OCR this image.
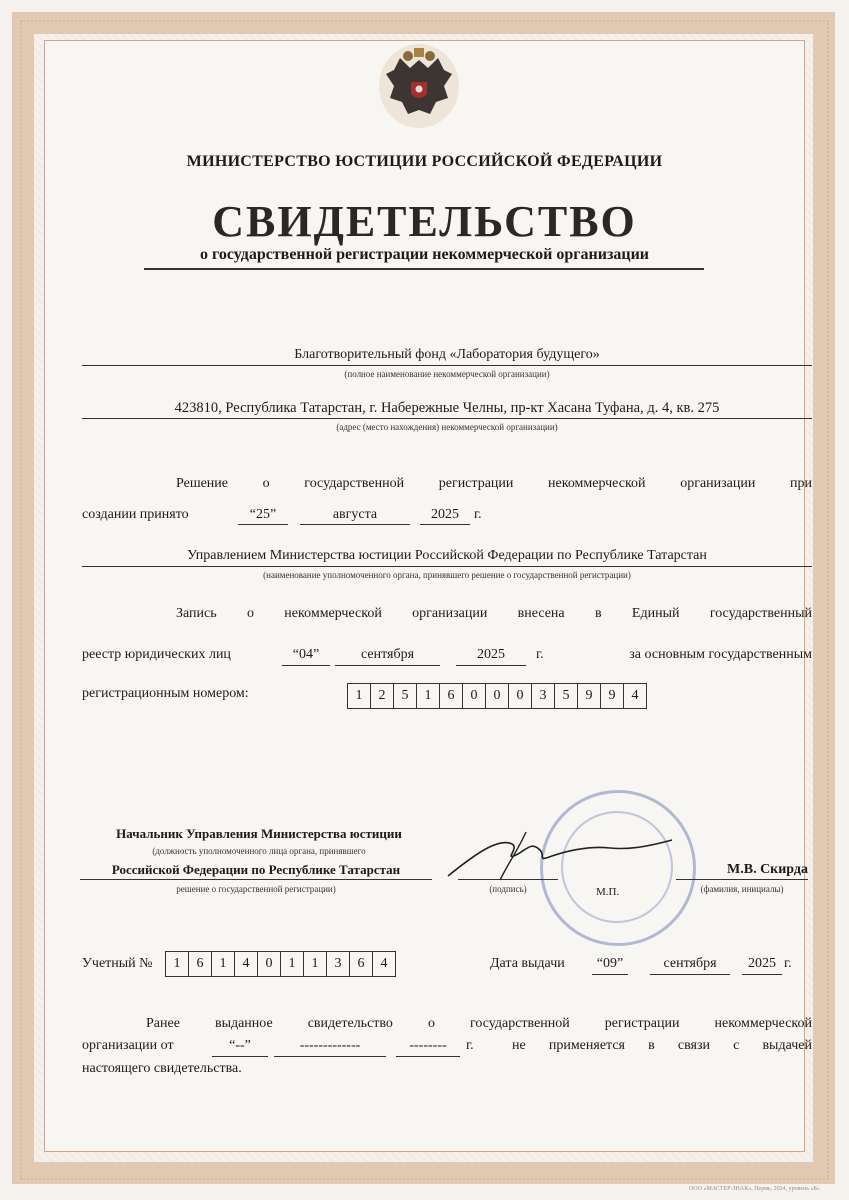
МИНИСТЕРСТВО ЮСТИЦИИ РОССИЙСКОЙ ФЕДЕРАЦИИ
СВИДЕТЕЛЬСТВО
о государственной регистрации некоммерческой организации
Благотворительный фонд «Лаборатория будущего»
(полное наименование некоммерческой организации)
423810, Республика Татарстан, г. Набережные Челны, пр-кт Хасана Туфана, д. 4, кв. 275
(адрес (место нахождения) некоммерческой организации)
Решение о государственной регистрации некоммерческой организации при
создании принято	“25”	августа	2025	г.
Управлением Министерства юстиции Российской Федерации по Республике Татарстан
(наименование уполномоченного органа, принявшего решение о государственной регистрации)
Запись о некоммерческой организации внесена в Единый государственный
реестр юридических лиц	“04”	сентября	2025	г.	за основным государственным
регистрационным номером:	1	2	5	1	6	0	0	0	3	5	9	9	4
Начальник Управления Министерства юстиции
(должность уполномоченного лица органа, принявшего
Российской Федерации по Республике Татарстан
решение о государственной регистрации)	(подпись)	М.П.
М.В. Скирда
(фамилия, инициалы)
Учетный №	1	6	1	4	0	1	1	3	6	4	Дата выдачи	“09”	сентября	2025 г.
Ранее выданное свидетельство о государственной регистрации некоммерческой
организации от	“--”	-------------	--------	г.	не применяется в связи с выдачей
настоящего свидетельства.
ООО «МАСТЕР-ЗНАК», Пермь, 2024, уровень «Б»
